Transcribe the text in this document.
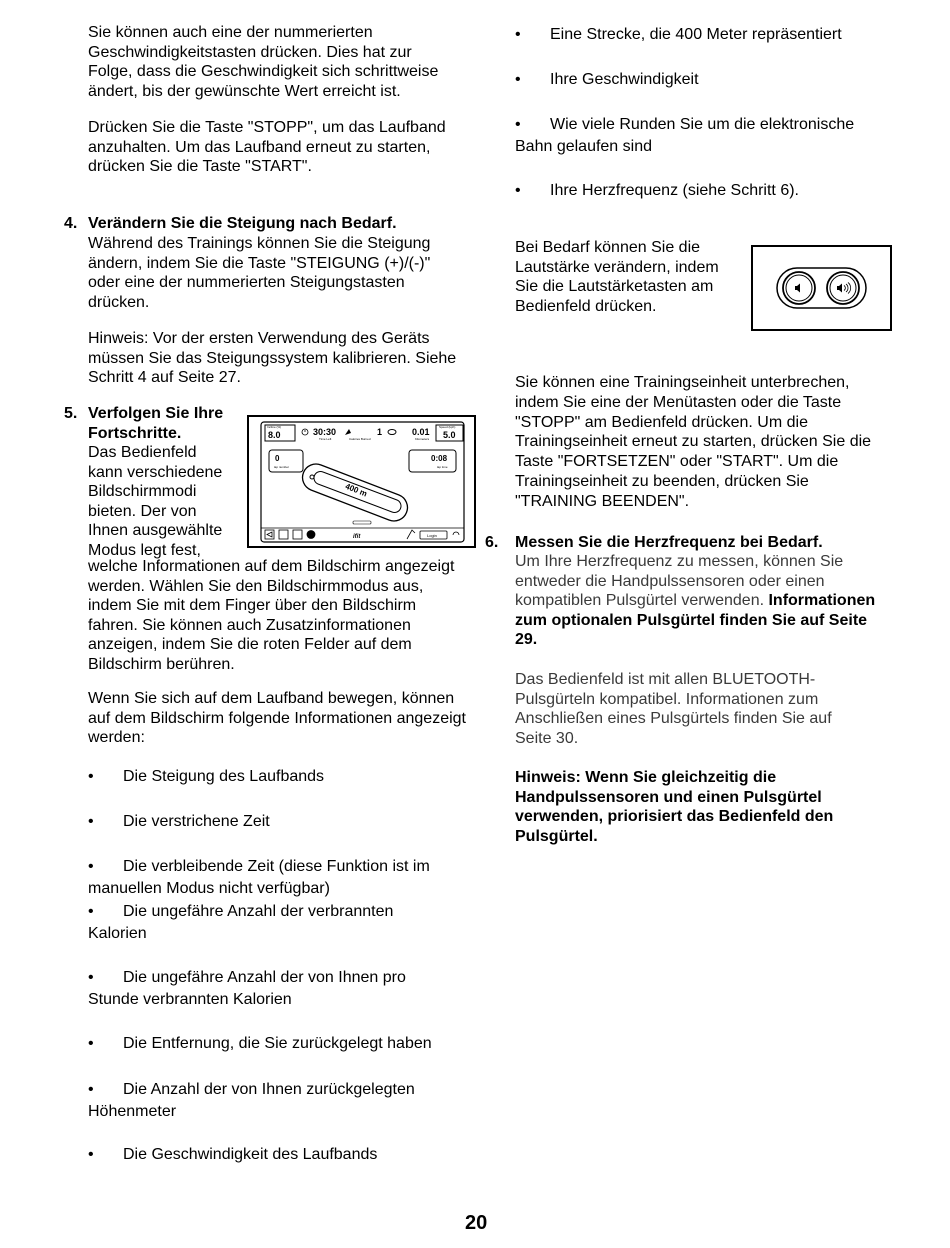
Sie können auch eine der nummerierten Geschwindigkeitstasten drücken. Dies hat zur Folge, dass die Geschwindigkeit sich schrittweise ändert, bis der gewünschte Wert erreicht ist.

Drücken Sie die Taste "STOPP", um das Laufband anzuhalten. Um das Laufband erneut zu starten, drücken Sie die Taste "START".

4. Verändern Sie die Steigung nach Bedarf.

Während des Trainings können Sie die Steigung ändern, indem Sie die Taste "STEIGUNG (+)/(-)" oder eine der nummerierten Steigungstasten drücken.

Hinweis: Vor der ersten Verwendung des Geräts müssen Sie das Steigungssystem kalibrieren. Siehe Schritt 4 auf Seite 27.

5. Verfolgen Sie Ihre
Fortschritte.
Das Bedienfeld
kann verschiedene
Bildschirmmodi
bieten. Der von
Ihnen ausgewählte
Modus legt fest,

welche Informationen auf dem Bildschirm angezeigt werden. Wählen Sie den Bildschirmmodus aus, indem Sie mit dem Finger über den Bildschirm fahren. Sie können auch Zusatzinformationen anzeigen, indem Sie die roten Felder auf dem Bildschirm berühren.

Wenn Sie sich auf dem Laufband bewegen, können auf dem Bildschirm folgende Informationen angezeigt werden:

Incline (%)
8.0	30:30
Time Left
1
Calories Burned
0.01
Kilometers
Speed (kph)
5.0
0
lap number
0:08
lap time
400 m
ifit	Login
• Die Steigung des Laufbands
• Die verstrichene Zeit
• Die verbleibende Zeit (diese Funktion ist im
manuellen Modus nicht verfügbar)
• Die ungefähre Anzahl der verbrannten
Kalorien
• Die ungefähre Anzahl der von Ihnen pro
Stunde verbrannten Kalorien
• Die Entfernung, die Sie zurückgelegt haben
• Die Anzahl der von Ihnen zurückgelegten
Höhenmeter
• Die Geschwindigkeit des Laufbands
• Eine Strecke, die 400 Meter repräsentiert
• Ihre Geschwindigkeit
• Wie viele Runden Sie um die elektronische
Bahn gelaufen sind
• Ihre Herzfrequenz (siehe Schritt 6).

Bei Bedarf können Sie die Lautstärke verändern, indem Sie die Lautstärketasten am Bedienfeld drücken.

Sie können eine Trainingseinheit unterbrechen, indem Sie eine der Menütasten oder die Taste "STOPP" am Bedienfeld drücken. Um die Trainingseinheit erneut zu starten, drücken Sie die Taste "FORTSETZEN" oder "START". Um die Trainingseinheit zu beenden, drücken Sie "TRAINING BEENDEN".

6. Messen Sie die Herzfrequenz bei Bedarf.

Um Ihre Herzfrequenz zu messen, können Sie entweder die Handpulssensoren oder einen kompatiblen Pulsgürtel verwenden. Informationen zum optionalen Pulsgürtel finden Sie auf Seite 29.

Das Bedienfeld ist mit allen BLUETOOTH-Pulsgürteln kompatibel. Informationen zum Anschließen eines Pulsgürtels finden Sie auf Seite 30.

Hinweis: Wenn Sie gleichzeitig die Handpulssensoren und einen Pulsgürtel verwenden, priorisiert das Bedienfeld den Pulsgürtel.

20
